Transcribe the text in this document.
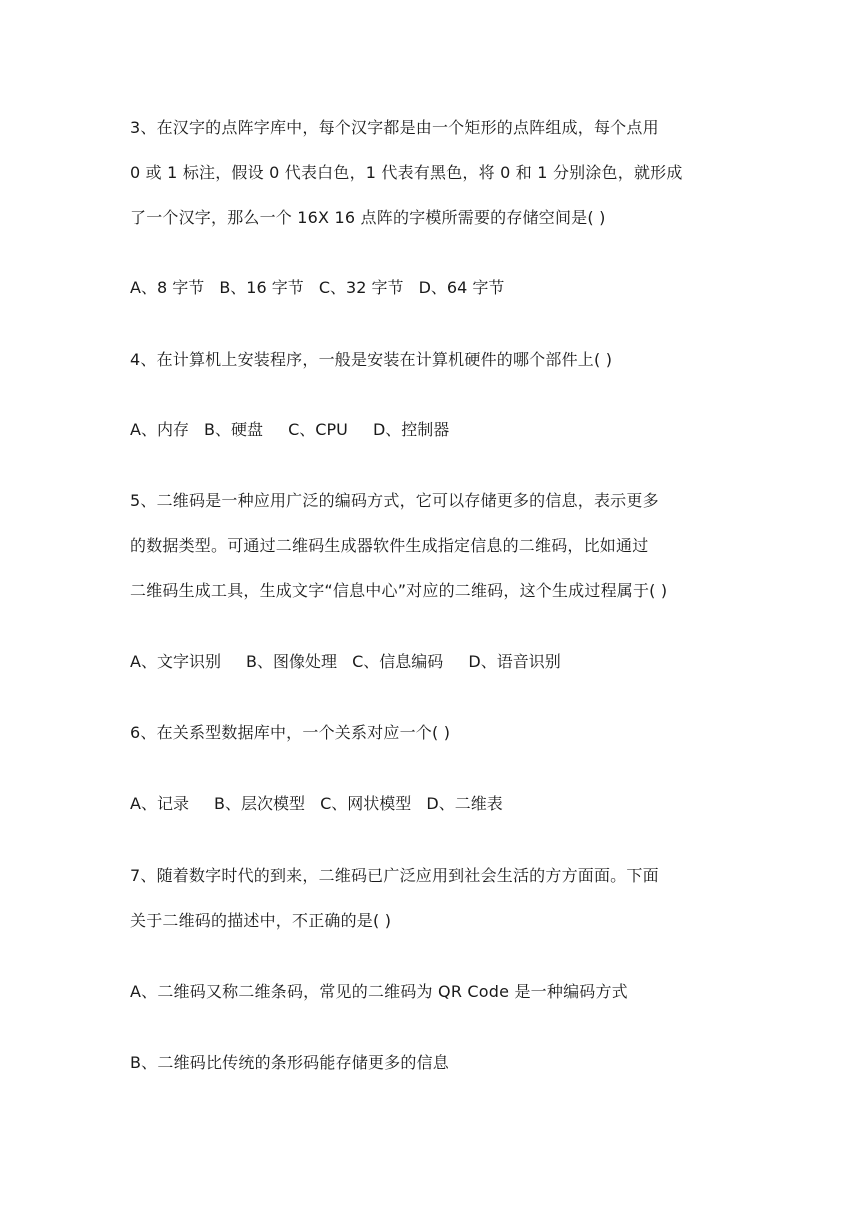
3、在汉字的点阵字库中，每个汉字都是由一个矩形的点阵组成，每个点用
0 或 1 标注，假设 0 代表白色，1 代表有黑色，将 0 和 1 分别涂色，就形成
了一个汉字，那么一个 16X 16 点阵的字模所需要的存储空间是( )
A、8 字节 B、16 字节 C、32 字节 D、64 字节
4、在计算机上安装程序，一般是安装在计算机硬件的哪个部件上( )
A、内存 B、硬盘 C、CPU D、控制器
5、二维码是一种应用广泛的编码方式，它可以存储更多的信息，表示更多
的数据类型。可通过二维码生成器软件生成指定信息的二维码，比如通过
二维码生成工具，生成文字“信息中心”对应的二维码，这个生成过程属于( )
A、文字识别 B、图像处理 C、信息编码 D、语音识别
6、在关系型数据库中，一个关系对应一个( )
A、记录 B、层次模型 C、网状模型 D、二维表
7、随着数字时代的到来，二维码已广泛应用到社会生活的方方面面。下面
关于二维码的描述中，不正确的是( )
A、二维码又称二维条码，常见的二维码为 QR Code 是一种编码方式
B、二维码比传统的条形码能存储更多的信息
